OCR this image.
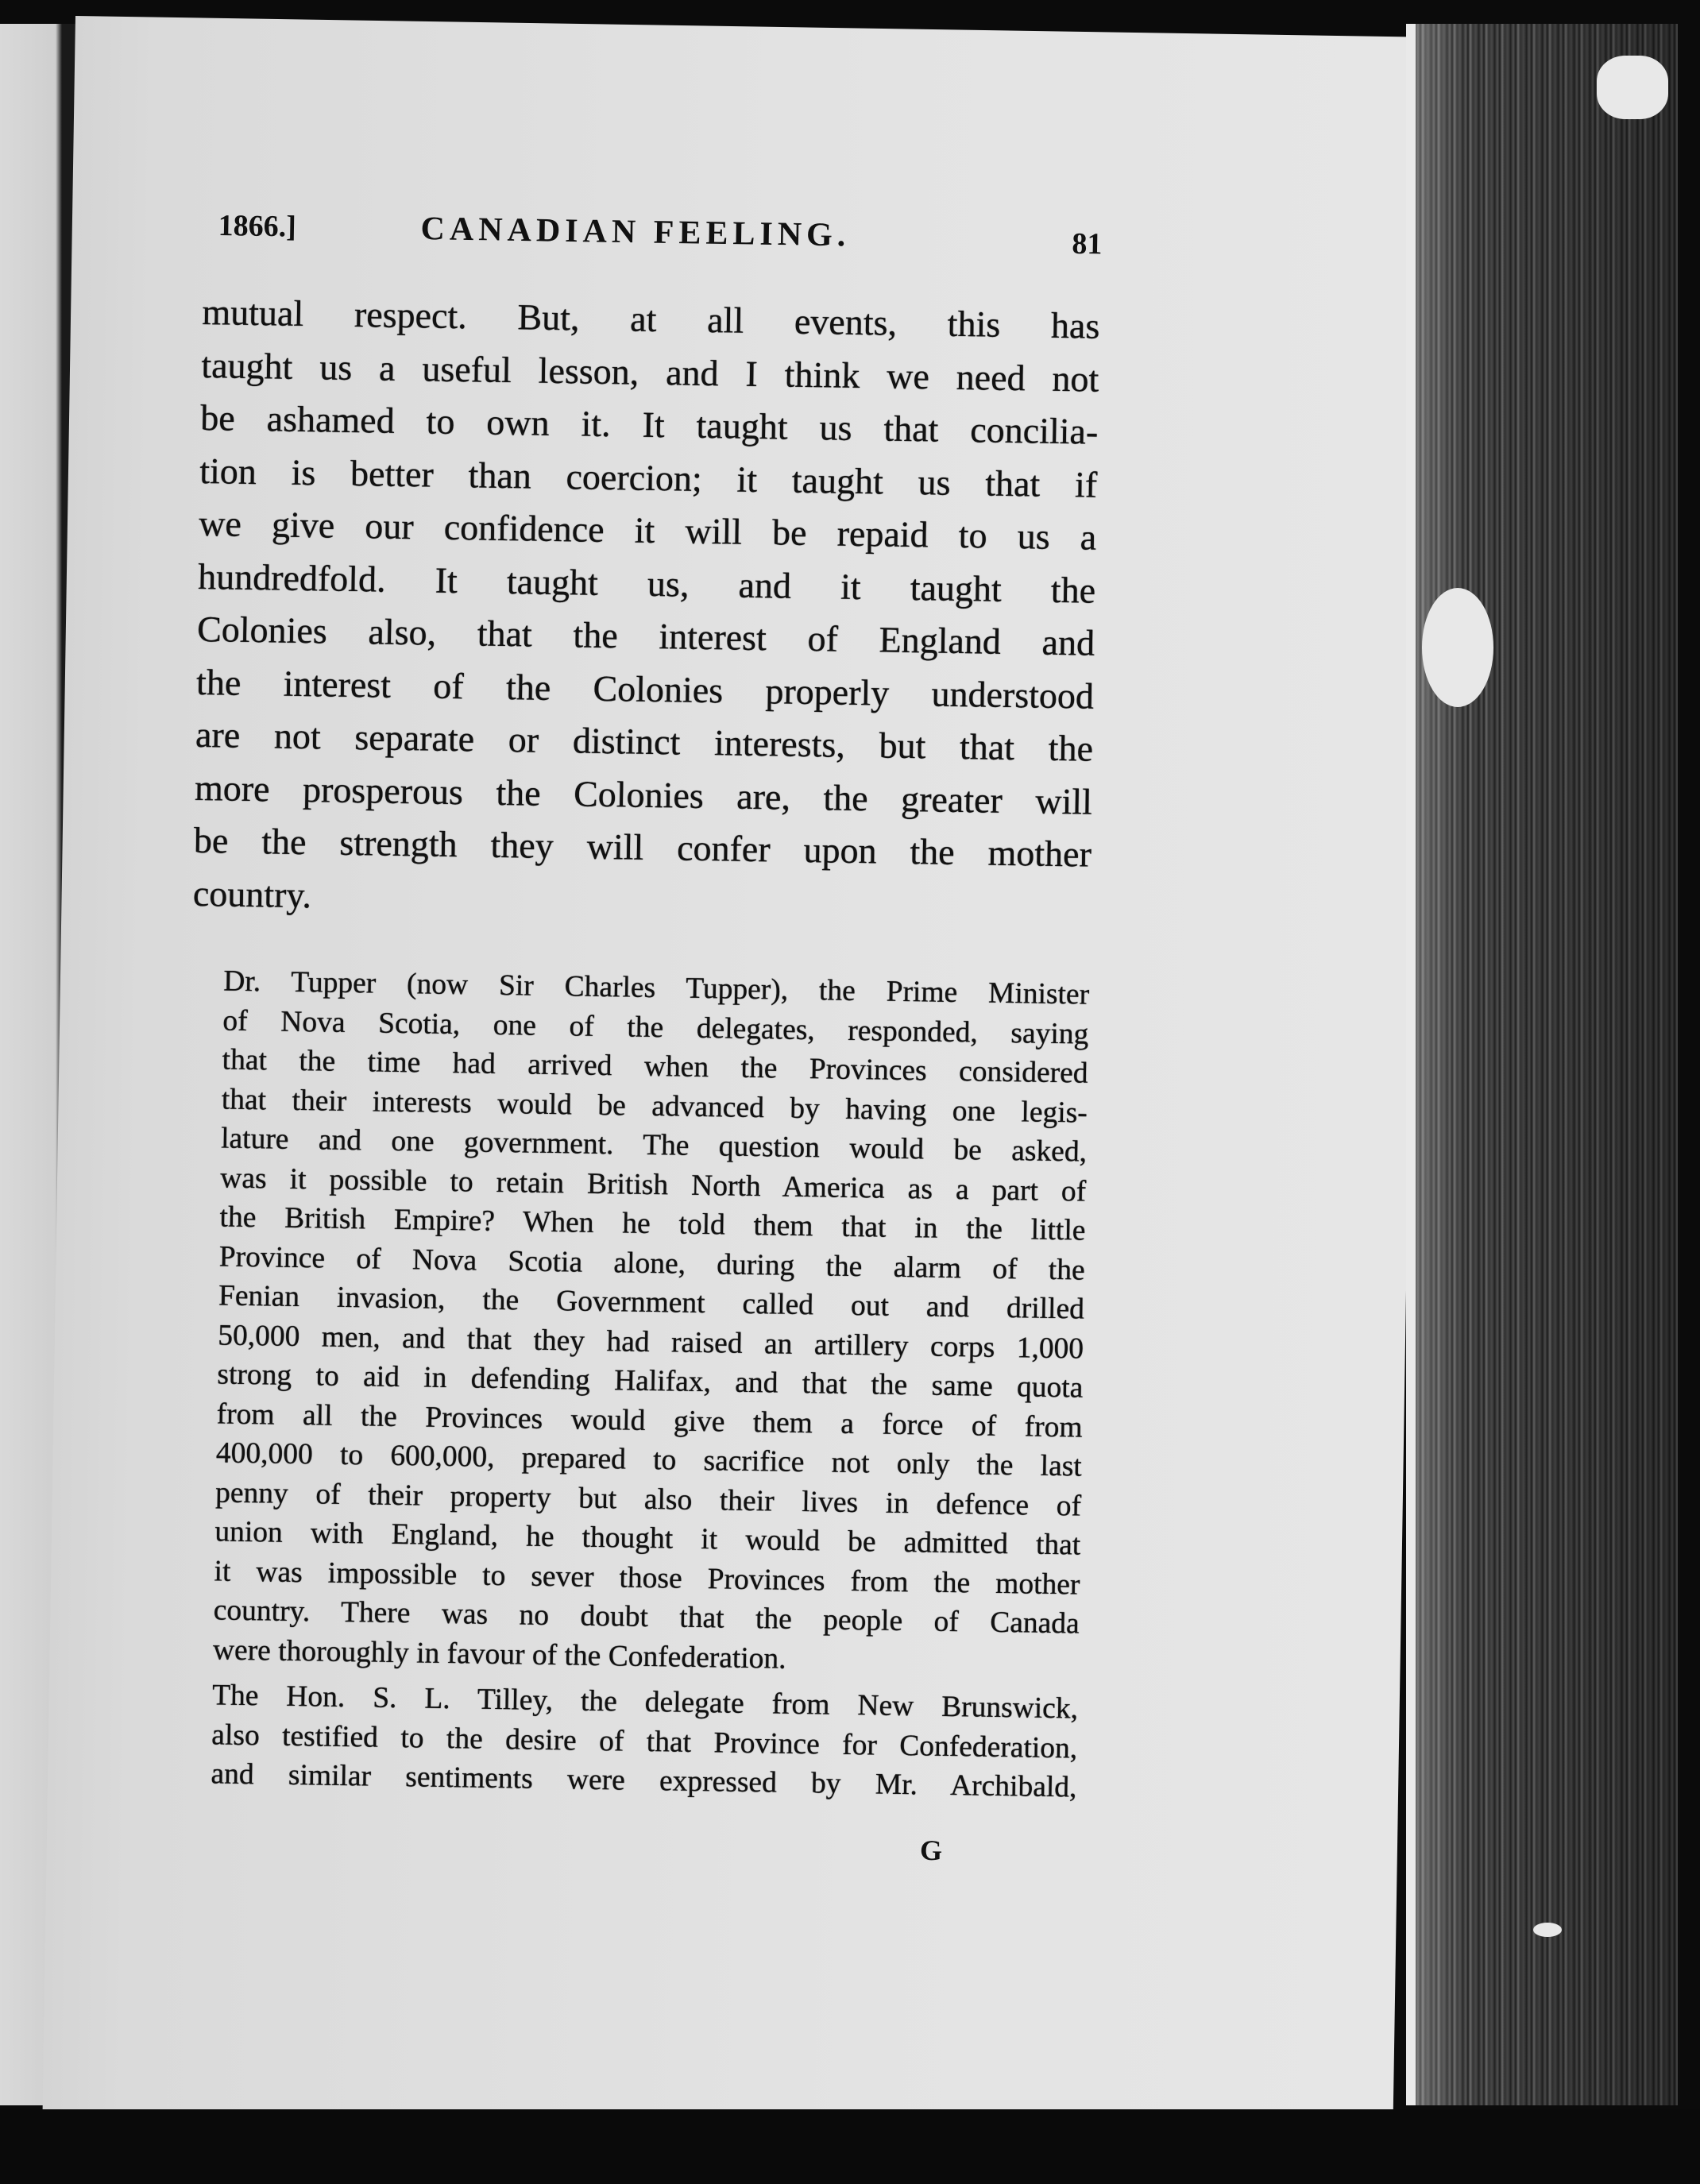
1866.]	CANADIAN FEELING.	81

mutual respect. But, at all events, this has
taught us a useful lesson, and I think we need not
be ashamed to own it. It taught us that concilia-
tion is better than coercion; it taught us that if
we give our confidence it will be repaid to us a
hundredfold. It taught us, and it taught the
Colonies also, that the interest of England and
the interest of the Colonies properly understood
are not separate or distinct interests, but that the
more prosperous the Colonies are, the greater will
be the strength they will confer upon the mother
country.

Dr. Tupper (now Sir Charles Tupper), the Prime Minister
of Nova Scotia, one of the delegates, responded, saying
that the time had arrived when the Provinces considered
that their interests would be advanced by having one legis-
lature and one government. The question would be asked,
was it possible to retain British North America as a part of
the British Empire? When he told them that in the little
Province of Nova Scotia alone, during the alarm of the
Fenian invasion, the Government called out and drilled
50,000 men, and that they had raised an artillery corps 1,000
strong to aid in defending Halifax, and that the same quota
from all the Provinces would give them a force of from
400,000 to 600,000, prepared to sacrifice not only the last
penny of their property but also their lives in defence of
union with England, he thought it would be admitted that
it was impossible to sever those Provinces from the mother
country. There was no doubt that the people of Canada
were thoroughly in favour of the Confederation.

The Hon. S. L. Tilley, the delegate from New Brunswick,
also testified to the desire of that Province for Confederation,
and similar sentiments were expressed by Mr. Archibald,

G
